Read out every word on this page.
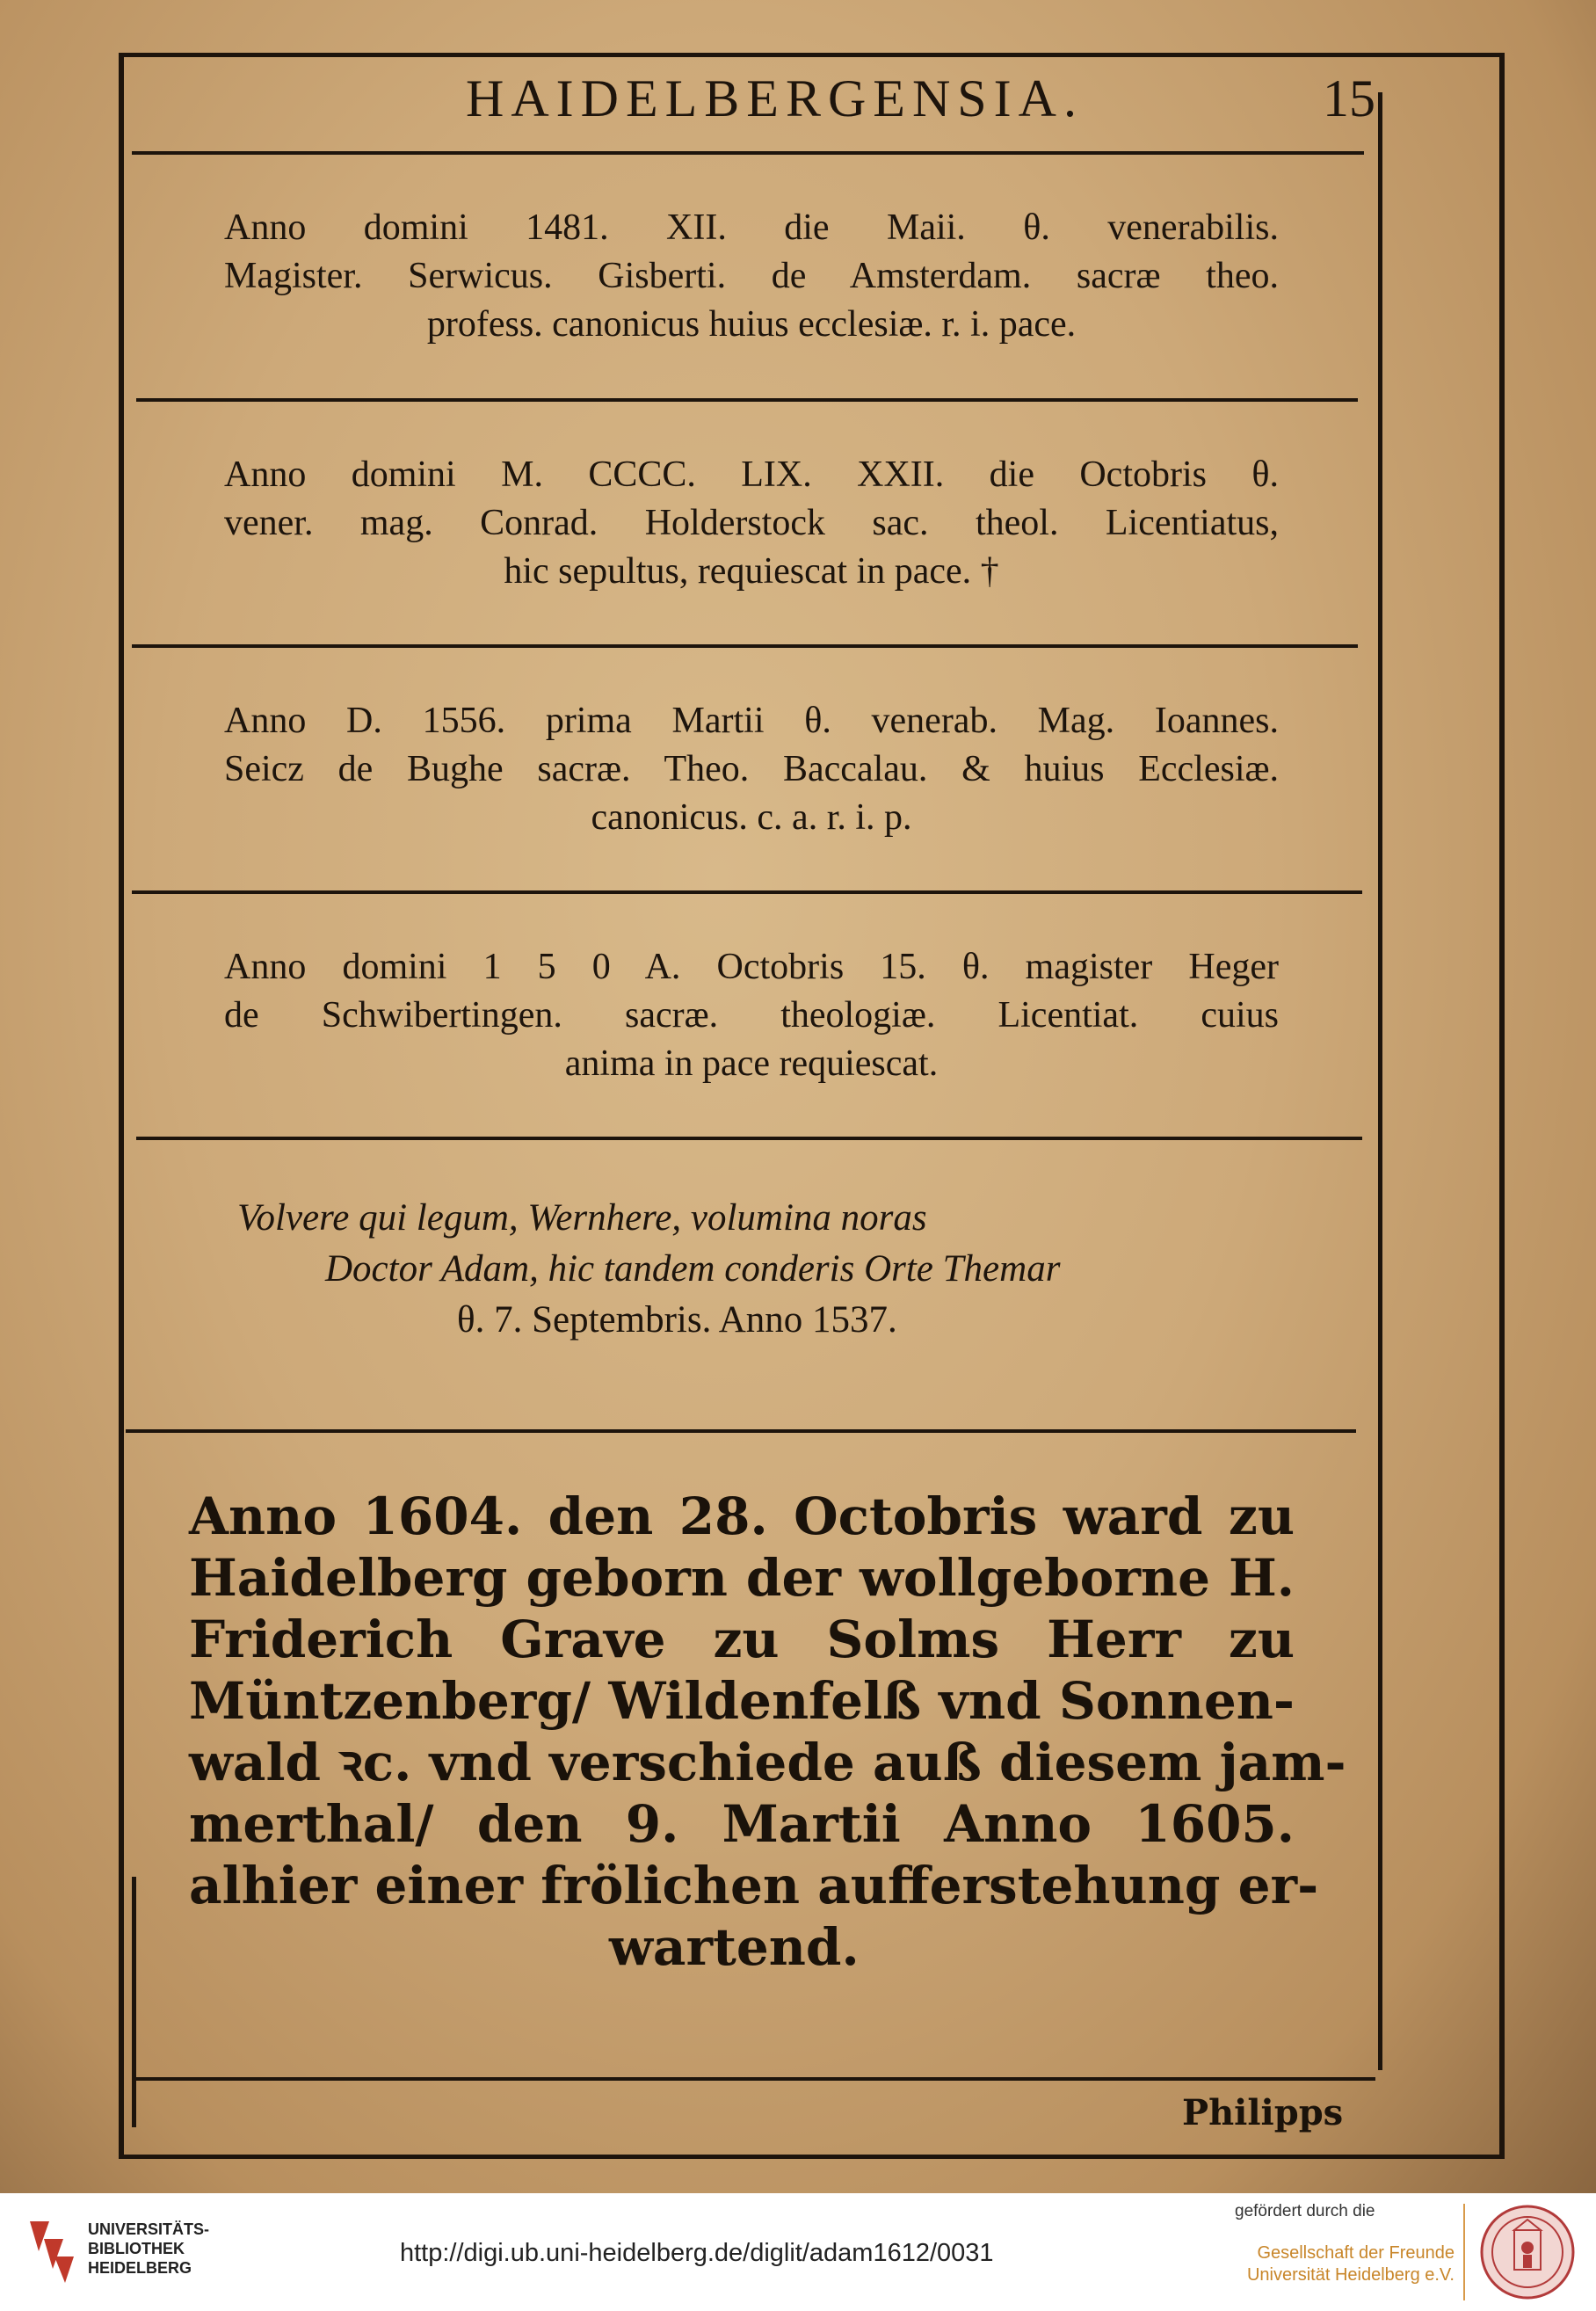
HAIDELBERGENSIA.	15
Anno domini 1481. XII. die Maii. θ. venerabilis.
Magister. Serwicus. Gisberti. de Amsterdam. sacræ theo.
profess. canonicus huius ecclesiæ. r. i. pace.
Anno domini M. CCCC. LIX. XXII. die Octobris θ.
vener. mag. Conrad. Holderstock sac. theol. Licentiatus,
hic sepultus, requiescat in pace. †
Anno D. 1556. prima Martii θ. venerab. Mag. Ioannes.
Seicz de Bughe sacræ. Theo. Baccalau. & huius Ecclesiæ.
canonicus. c. a. r. i. p.
Anno domini 1 5 0 A. Octobris 15. θ. magister Heger
de Schwibertingen. sacræ. theologiæ. Licentiat. cuius
anima in pace requiescat.
Volvere qui legum, Wernhere, volumina noras
Doctor Adam, hic tandem conderis Orte Themar
θ. 7. Septembris. Anno 1537.
Anno 1604. den 28. Octobris ward zu
Haidelberg geborn der wollgeborne H.
Friderich Grave zu Solms Herr zu
Müntzenberg/ Wildenfelß vnd Sonnen-
wald ꝛc. vnd verschiede auß diesem jam-
merthal/ den 9. Martii Anno 1605.
alhier einer frölichen aufferstehung er-
wartend.
Philipps
UNIVERSITÄTS-
BIBLIOTHEK
HEIDELBERG
http://digi.ub.uni-heidelberg.de/diglit/adam1612/0031
gefördert durch die
Gesellschaft der Freunde
Universität Heidelberg e.V.
